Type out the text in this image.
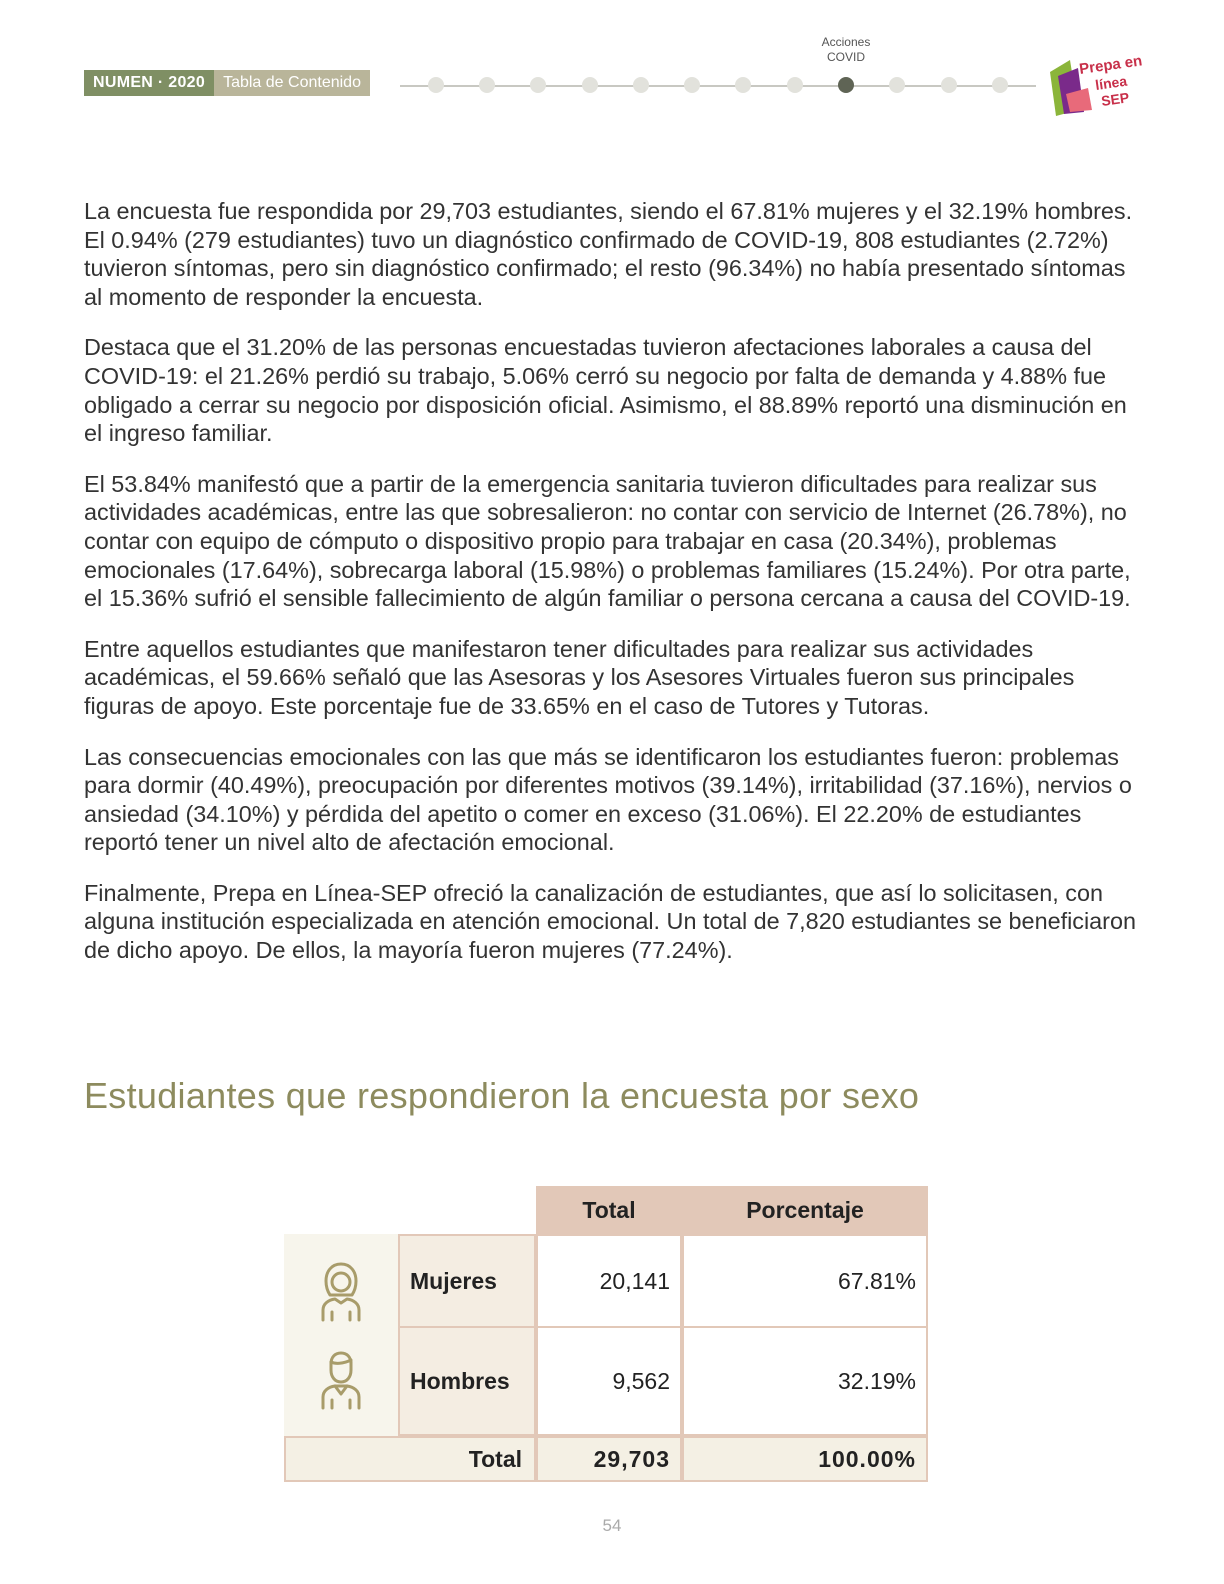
NUMEN · 2020	Tabla de Contenido
Acciones
COVID	Prepa en
línea
SEP

La encuesta fue respondida por 29,703 estudiantes, siendo el 67.81% mujeres y el 32.19% hombres. El 0.94% (279 estudiantes) tuvo un diagnóstico confirmado de COVID-19, 808 estudiantes (2.72%) tuvieron síntomas, pero sin diagnóstico confirmado; el resto (96.34%) no había presentado síntomas al momento de responder la encuesta.

Destaca que el 31.20% de las personas encuestadas tuvieron afectaciones laborales a causa del COVID-19: el 21.26% perdió su trabajo, 5.06% cerró su negocio por falta de demanda y 4.88% fue obligado a cerrar su negocio por disposición oficial. Asimismo, el 88.89% reportó una disminución en el ingreso familiar.

El 53.84% manifestó que a partir de la emergencia sanitaria tuvieron dificultades para realizar sus actividades académicas, entre las que sobresalieron: no contar con servicio de Internet (26.78%), no contar con equipo de cómputo o dispositivo propio para trabajar en casa (20.34%), problemas emocionales (17.64%), sobrecarga laboral (15.98%) o problemas familiares (15.24%). Por otra parte, el 15.36% sufrió el sensible fallecimiento de algún familiar o persona cercana a causa del COVID-19.

Entre aquellos estudiantes que manifestaron tener dificultades para realizar sus actividades académicas, el 59.66% señaló que las Asesoras y los Asesores Virtuales fueron sus principales figuras de apoyo. Este porcentaje fue de 33.65% en el caso de Tutores y Tutoras.

Las consecuencias emocionales con las que más se identificaron los estudiantes fueron: problemas para dormir (40.49%), preocupación por diferentes motivos (39.14%), irritabilidad (37.16%), nervios o ansiedad (34.10%) y pérdida del apetito o comer en exceso (31.06%). El 22.20% de estudiantes reportó tener un nivel alto de afectación emocional.

Finalmente, Prepa en Línea-SEP ofreció la canalización de estudiantes, que así lo solicitasen, con alguna institución especializada en atención emocional. Un total de 7,820 estudiantes se beneficiaron de dicho apoyo. De ellos, la mayoría fueron mujeres (77.24%).

Estudiantes que respondieron la encuesta por sexo
Total	Porcentaje
Mujeres	20,141	67.81%
Hombres	9,562	32.19%
Total	29,703	100.00%
54
